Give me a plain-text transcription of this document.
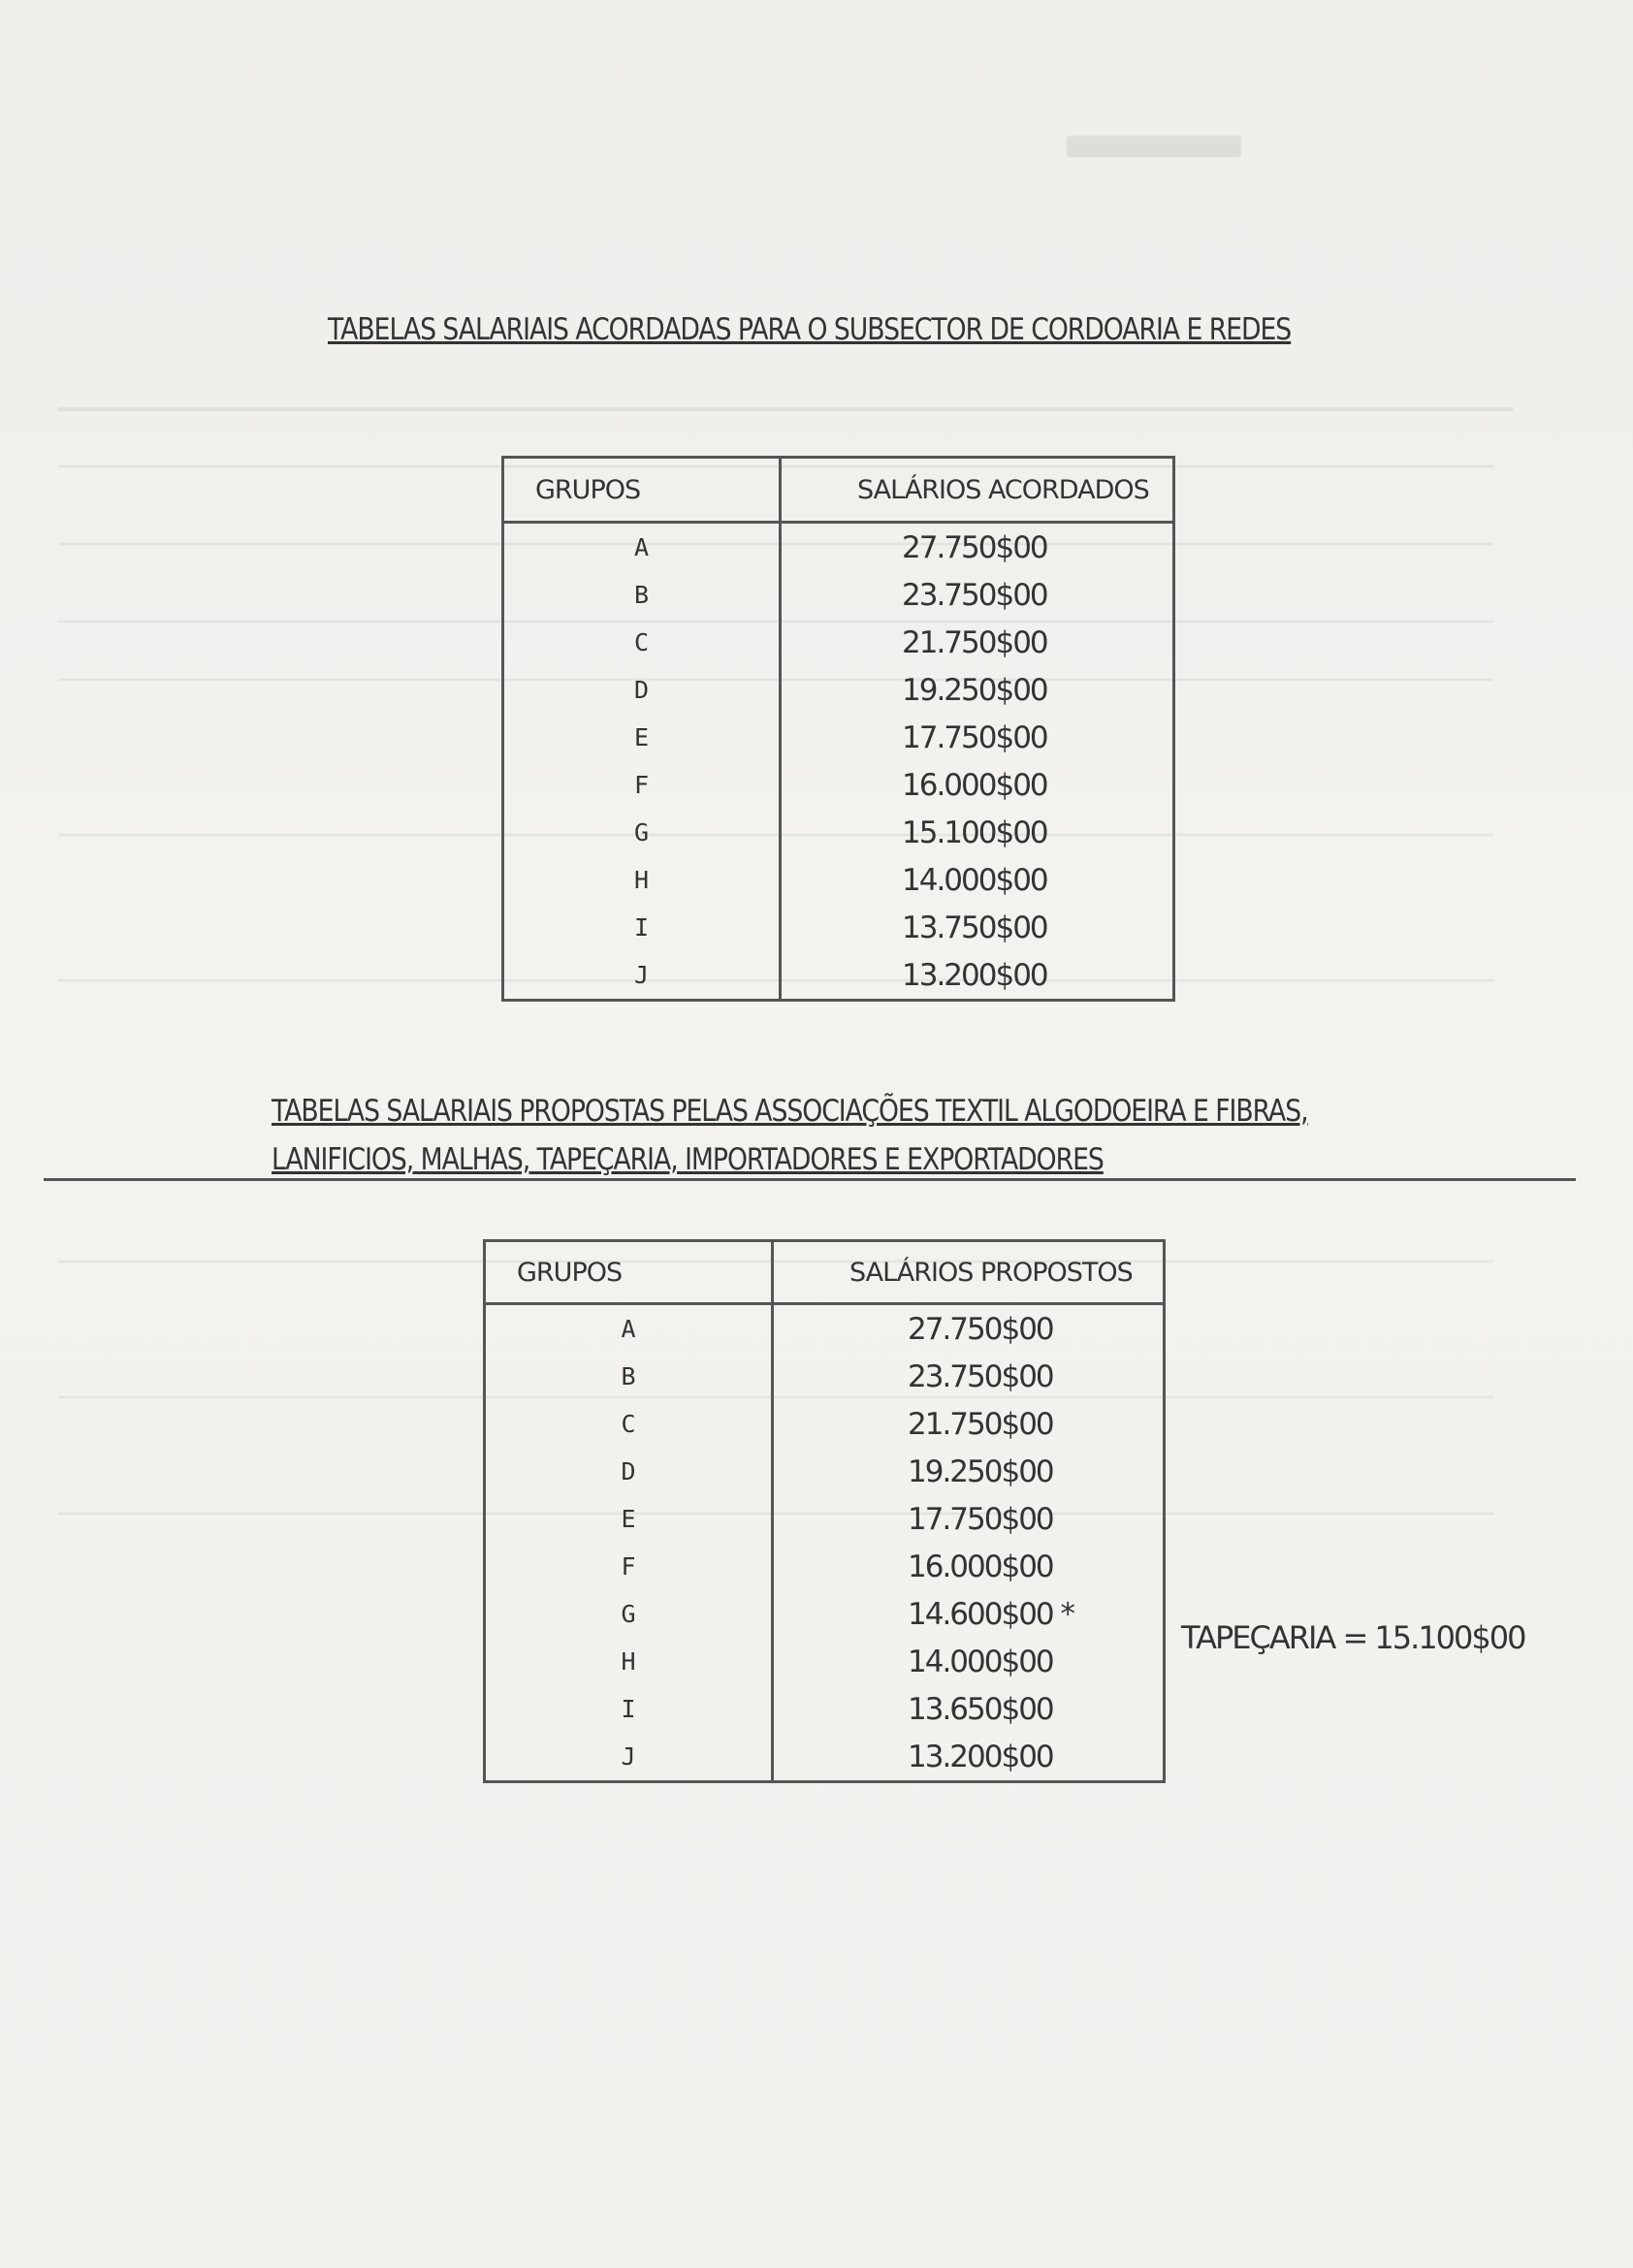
TABELAS SALARIAIS ACORDADAS PARA O SUBSECTOR DE CORDOARIA E REDES
GRUPOS	SALÁRIOS ACORDADOS
A	27.750$00
B	23.750$00
C	21.750$00
D	19.250$00
E	17.750$00
F	16.000$00
G	15.100$00
H	14.000$00
I	13.750$00
J	13.200$00
TABELAS SALARIAIS PROPOSTAS PELAS ASSOCIAÇÕES TEXTIL ALGODOEIRA E FIBRAS,
LANIFICIOS, MALHAS, TAPEÇARIA, IMPORTADORES E EXPORTADORES
GRUPOS	SALÁRIOS PROPOSTOS
A	27.750$00
B	23.750$00
C	21.750$00
D	19.250$00
E	17.750$00
F	16.000$00
G	14.600$00 *
H	14.000$00
I	13.650$00
J	13.200$00
TAPEÇARIA = 15.100$00
